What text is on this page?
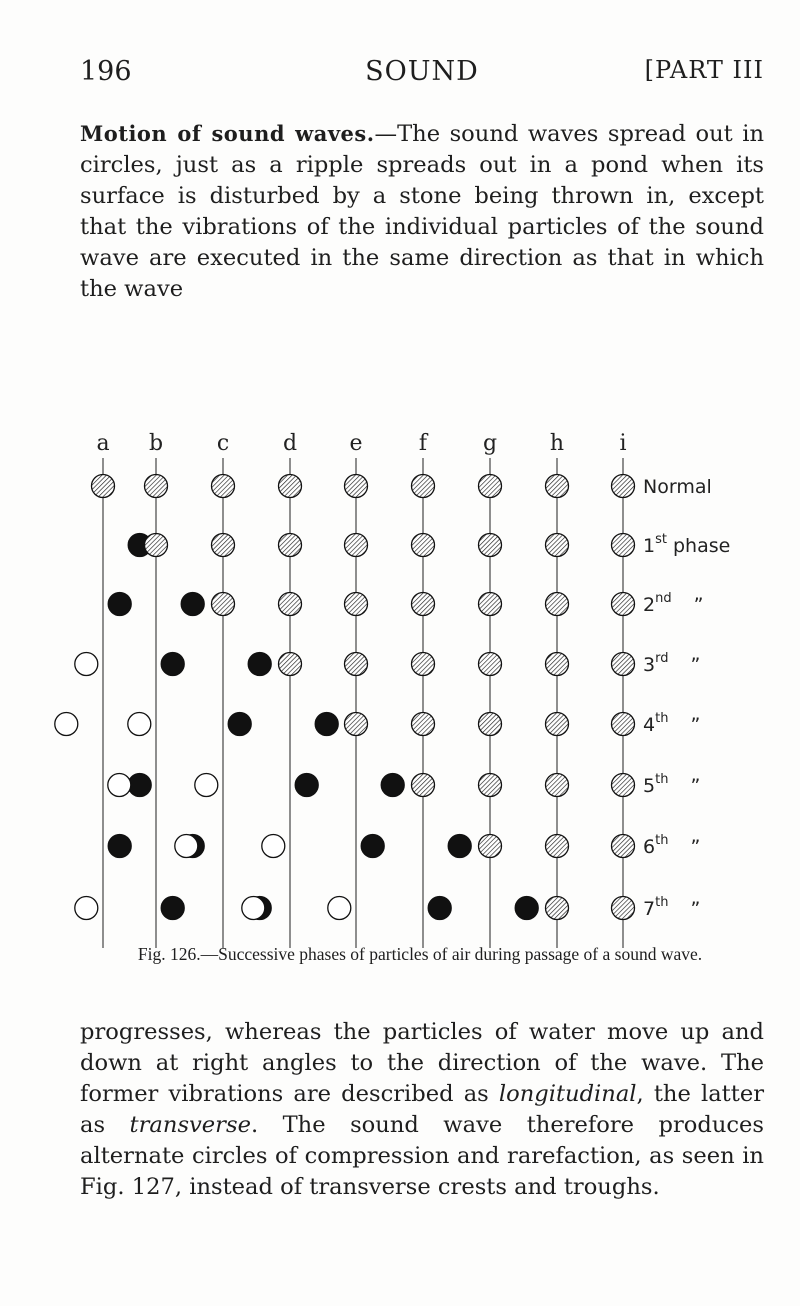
196	SOUND	[PART III

Motion of sound waves.—The sound waves spread out in circles, just as a ripple spreads out in a pond when its surface is disturbed by a stone being thrown in, except that the vibrations of the individual particles of the sound wave are executed in the same direction as that in which the wave

a b c d e	f	g h	i
Normal
1st phase
2nd ”
3rd ”
4th ”
5th ”
6th ”
7th ”
Fig. 126.—Successive phases of particles of air during passage of a sound wave.

progresses, whereas the particles of water move up and down at right angles to the direction of the wave. The former vibrations are described as longitudinal, the latter as transverse. The sound wave therefore produces alternate circles of compression and rarefaction, as seen in Fig. 127, instead of transverse crests and troughs.
